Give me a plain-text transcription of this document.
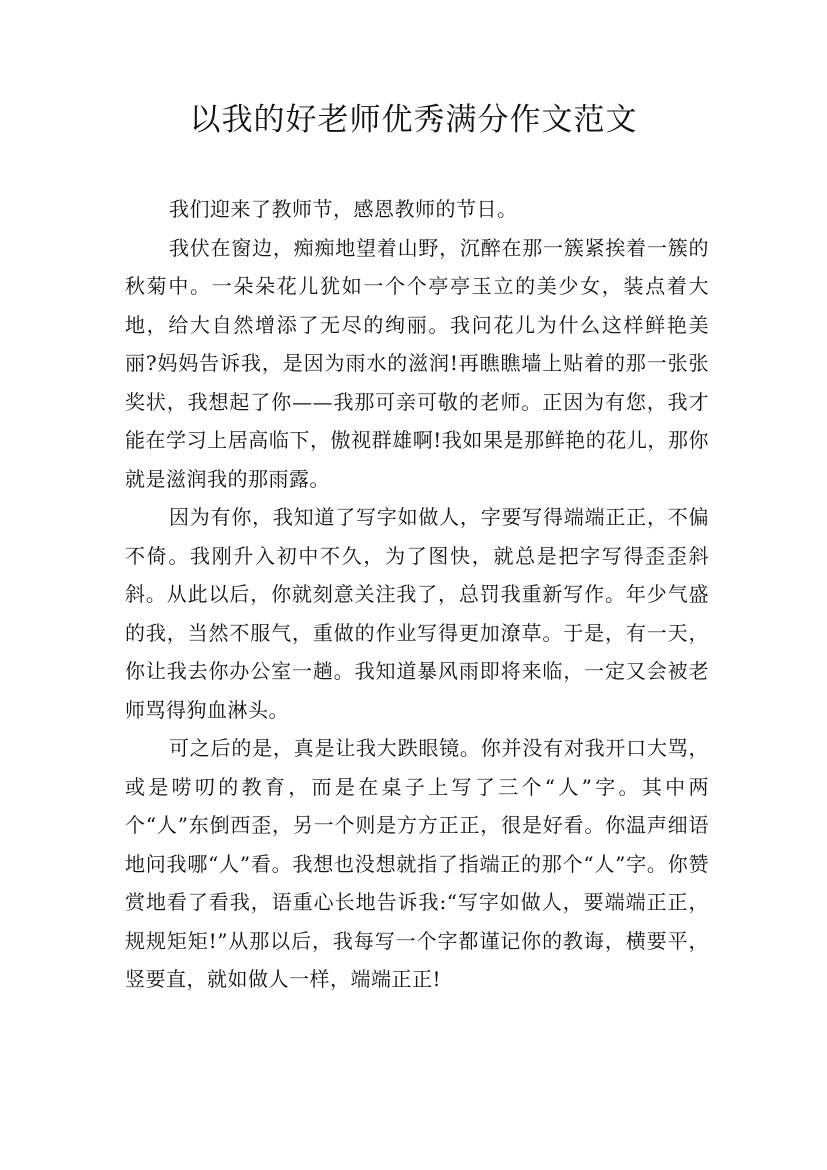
以我的好老师优秀满分作文范文

我们迎来了教师节，感恩教师的节日。

我伏在窗边，痴痴地望着山野，沉醉在那一簇紧挨着一簇的秋菊中。一朵朵花儿犹如一个个亭亭玉立的美少女，装点着大地，给大自然增添了无尽的绚丽。我问花儿为什么这样鲜艳美丽?妈妈告诉我，是因为雨水的滋润!再瞧瞧墙上贴着的那一张张奖状，我想起了你——我那可亲可敬的老师。正因为有您，我才能在学习上居高临下，傲视群雄啊!我如果是那鲜艳的花儿，那你就是滋润我的那雨露。

因为有你，我知道了写字如做人，字要写得端端正正，不偏不倚。我刚升入初中不久，为了图快，就总是把字写得歪歪斜斜。从此以后，你就刻意关注我了，总罚我重新写作。年少气盛的我，当然不服气，重做的作业写得更加潦草。于是，有一天，你让我去你办公室一趟。我知道暴风雨即将来临，一定又会被老师骂得狗血淋头。

可之后的是，真是让我大跌眼镜。你并没有对我开口大骂，或是唠叨的教育，而是在桌子上写了三个“人”字。其中两个“人”东倒西歪，另一个则是方方正正，很是好看。你温声细语地问我哪“人”看。我想也没想就指了指端正的那个“人”字。你赞赏地看了看我，语重心长地告诉我:“写字如做人，要端端正正，规规矩矩!”从那以后，我每写一个字都谨记你的教诲，横要平，竖要直，就如做人一样，端端正正!
